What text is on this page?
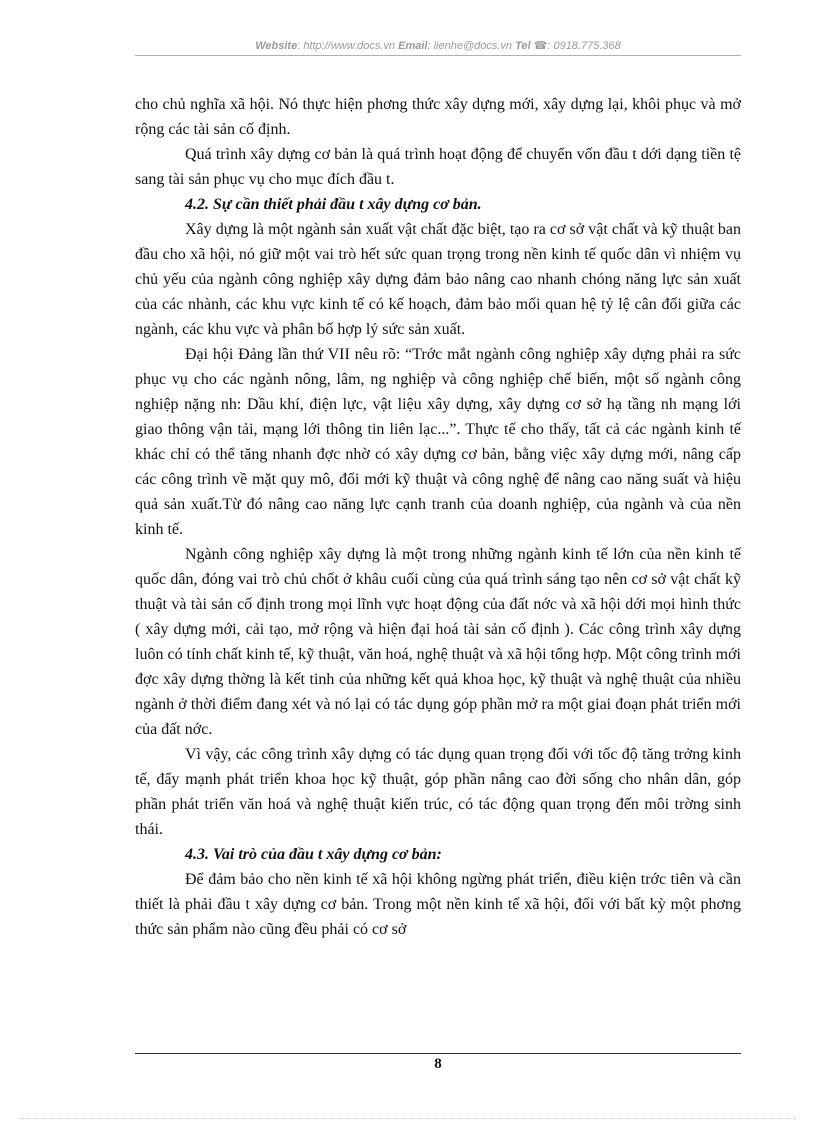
Website: http://www.docs.vn Email: lienhe@docs.vn Tel ☎: 0918.775.368

cho chủ nghĩa xã hội. Nó thực hiện phơng thức xây dựng mới, xây dựng lại, khôi phục và mở rộng các tài sản cố định.

Quá trình xây dựng cơ bản là quá trình hoạt động để chuyển vốn đầu t dới dạng tiền tệ sang tài sản phục vụ cho mục đích đầu t.

4.2. Sự cần thiết phải đầu t xây dựng cơ bản.

Xây dựng là một ngành sản xuất vật chất đặc biệt, tạo ra cơ sở vật chất và kỹ thuật ban đầu cho xã hội, nó giữ một vai trò hết sức quan trọng trong nền kinh tế quốc dân vì nhiệm vụ chủ yếu của ngành công nghiệp xây dựng đảm bảo nâng cao nhanh chóng năng lực sản xuất của các nhành, các khu vực kinh tế có kế hoạch, đảm bảo mối quan hệ tỷ lệ cân đối giữa các ngành, các khu vực và phân bố hợp lý sức sản xuất.

Đại hội Đảng lần thứ VII nêu rõ: “Trớc mắt ngành công nghiệp xây dựng phải ra sức phục vụ cho các ngành nông, lâm, ng nghiệp và công nghiệp chế biến, một số ngành công nghiệp nặng nh: Dầu khí, điện lực, vật liệu xây dựng, xây dựng cơ sở hạ tầng nh mạng lới giao thông vận tải, mạng lới thông tin liên lạc...”. Thực tế cho thấy, tất cả các ngành kinh tế khác chỉ có thể tăng nhanh đợc nhờ có xây dựng cơ bản, bằng việc xây dựng mới, nâng cấp các công trình về mặt quy mô, đổi mới kỹ thuật và công nghệ để nâng cao năng suất và hiệu quả sản xuất.Từ đó nâng cao năng lực cạnh tranh của doanh nghiệp, của ngành và của nền kinh tế.

Ngành công nghiệp xây dựng là một trong những ngành kinh tế lớn của nền kinh tế quốc dân, đóng vai trò chủ chốt ở khâu cuối cùng của quá trình sáng tạo nên cơ sở vật chất kỹ thuật và tài sản cố định trong mọi lĩnh vực hoạt động của đất nớc và xã hội dới mọi hình thức ( xây dựng mới, cải tạo, mở rộng và hiện đại hoá tài sản cố định ). Các công trình xây dựng luôn có tính chất kinh tế, kỹ thuật, văn hoá, nghệ thuật và xã hội tổng hợp. Một công trình mới đợc xây dựng thờng là kết tinh của những kết quả khoa học, kỹ thuật và nghệ thuật của nhiều ngành ở thời điểm đang xét và nó lại có tác dụng góp phần mở ra một giai đoạn phát triển mới của đất nớc.

Vì vậy, các công trình xây dựng có tác dụng quan trọng đối với tốc độ tăng trởng kinh tế, đẩy mạnh phát triển khoa học kỹ thuật, góp phần nâng cao đời sống cho nhân dân, góp phần phát triển văn hoá và nghệ thuật kiến trúc, có tác động quan trọng đến môi trờng sinh thái.

4.3. Vai trò của đầu t xây dựng cơ bản:

Để đảm bảo cho nền kinh tế xã hội không ngừng phát triển, điều kiện trớc tiên và cần thiết là phải đầu t xây dựng cơ bản. Trong một nền kinh tế xã hội, đối với bất kỳ một phơng thức sản phẩm nào cũng đều phải có cơ sở

8
